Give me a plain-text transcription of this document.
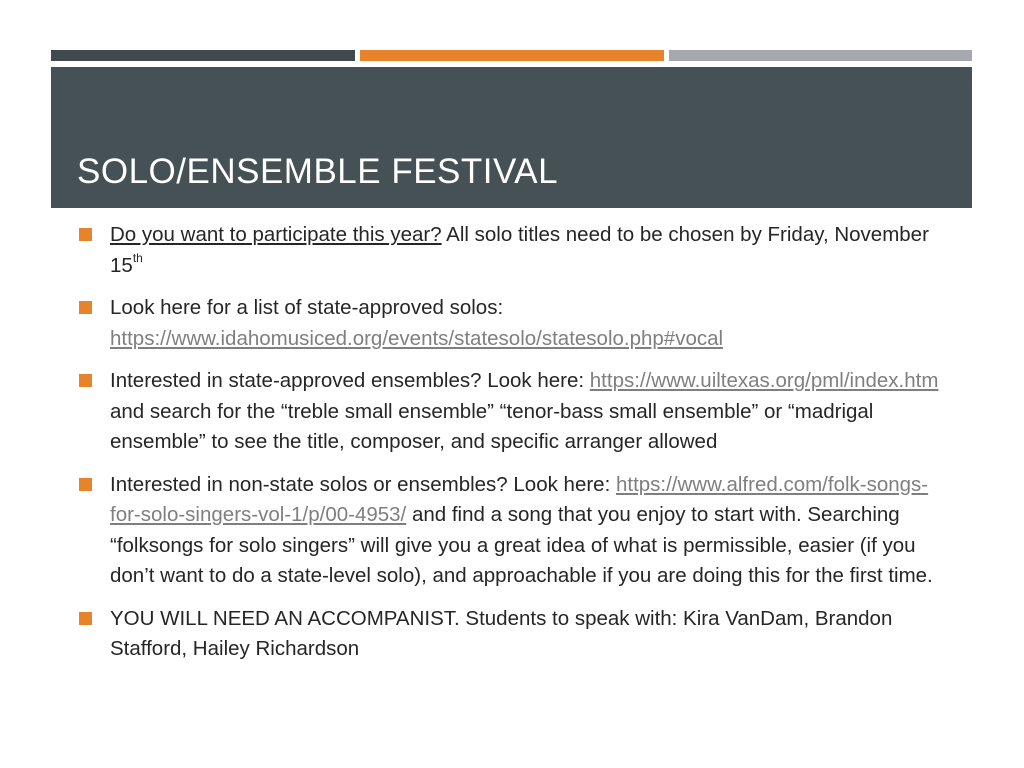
SOLO/ENSEMBLE FESTIVAL
Do you want to participate this year? All solo titles need to be chosen by Friday, November 15th
Look here for a list of state-approved solos: https://www.idahomusiced.org/events/statesolo/statesolo.php#vocal
Interested in state-approved ensembles? Look here: https://www.uiltexas.org/pml/index.htm and search for the “treble small ensemble” “tenor-bass small ensemble” or “madrigal ensemble” to see the title, composer, and specific arranger allowed
Interested in non-state solos or ensembles? Look here: https://www.alfred.com/folk-songs-for-solo-singers-vol-1/p/00-4953/ and find a song that you enjoy to start with. Searching “folksongs for solo singers” will give you a great idea of what is permissible, easier (if you don’t want to do a state-level solo), and approachable if you are doing this for the first time.
YOU WILL NEED AN ACCOMPANIST. Students to speak with: Kira VanDam, Brandon Stafford, Hailey Richardson
